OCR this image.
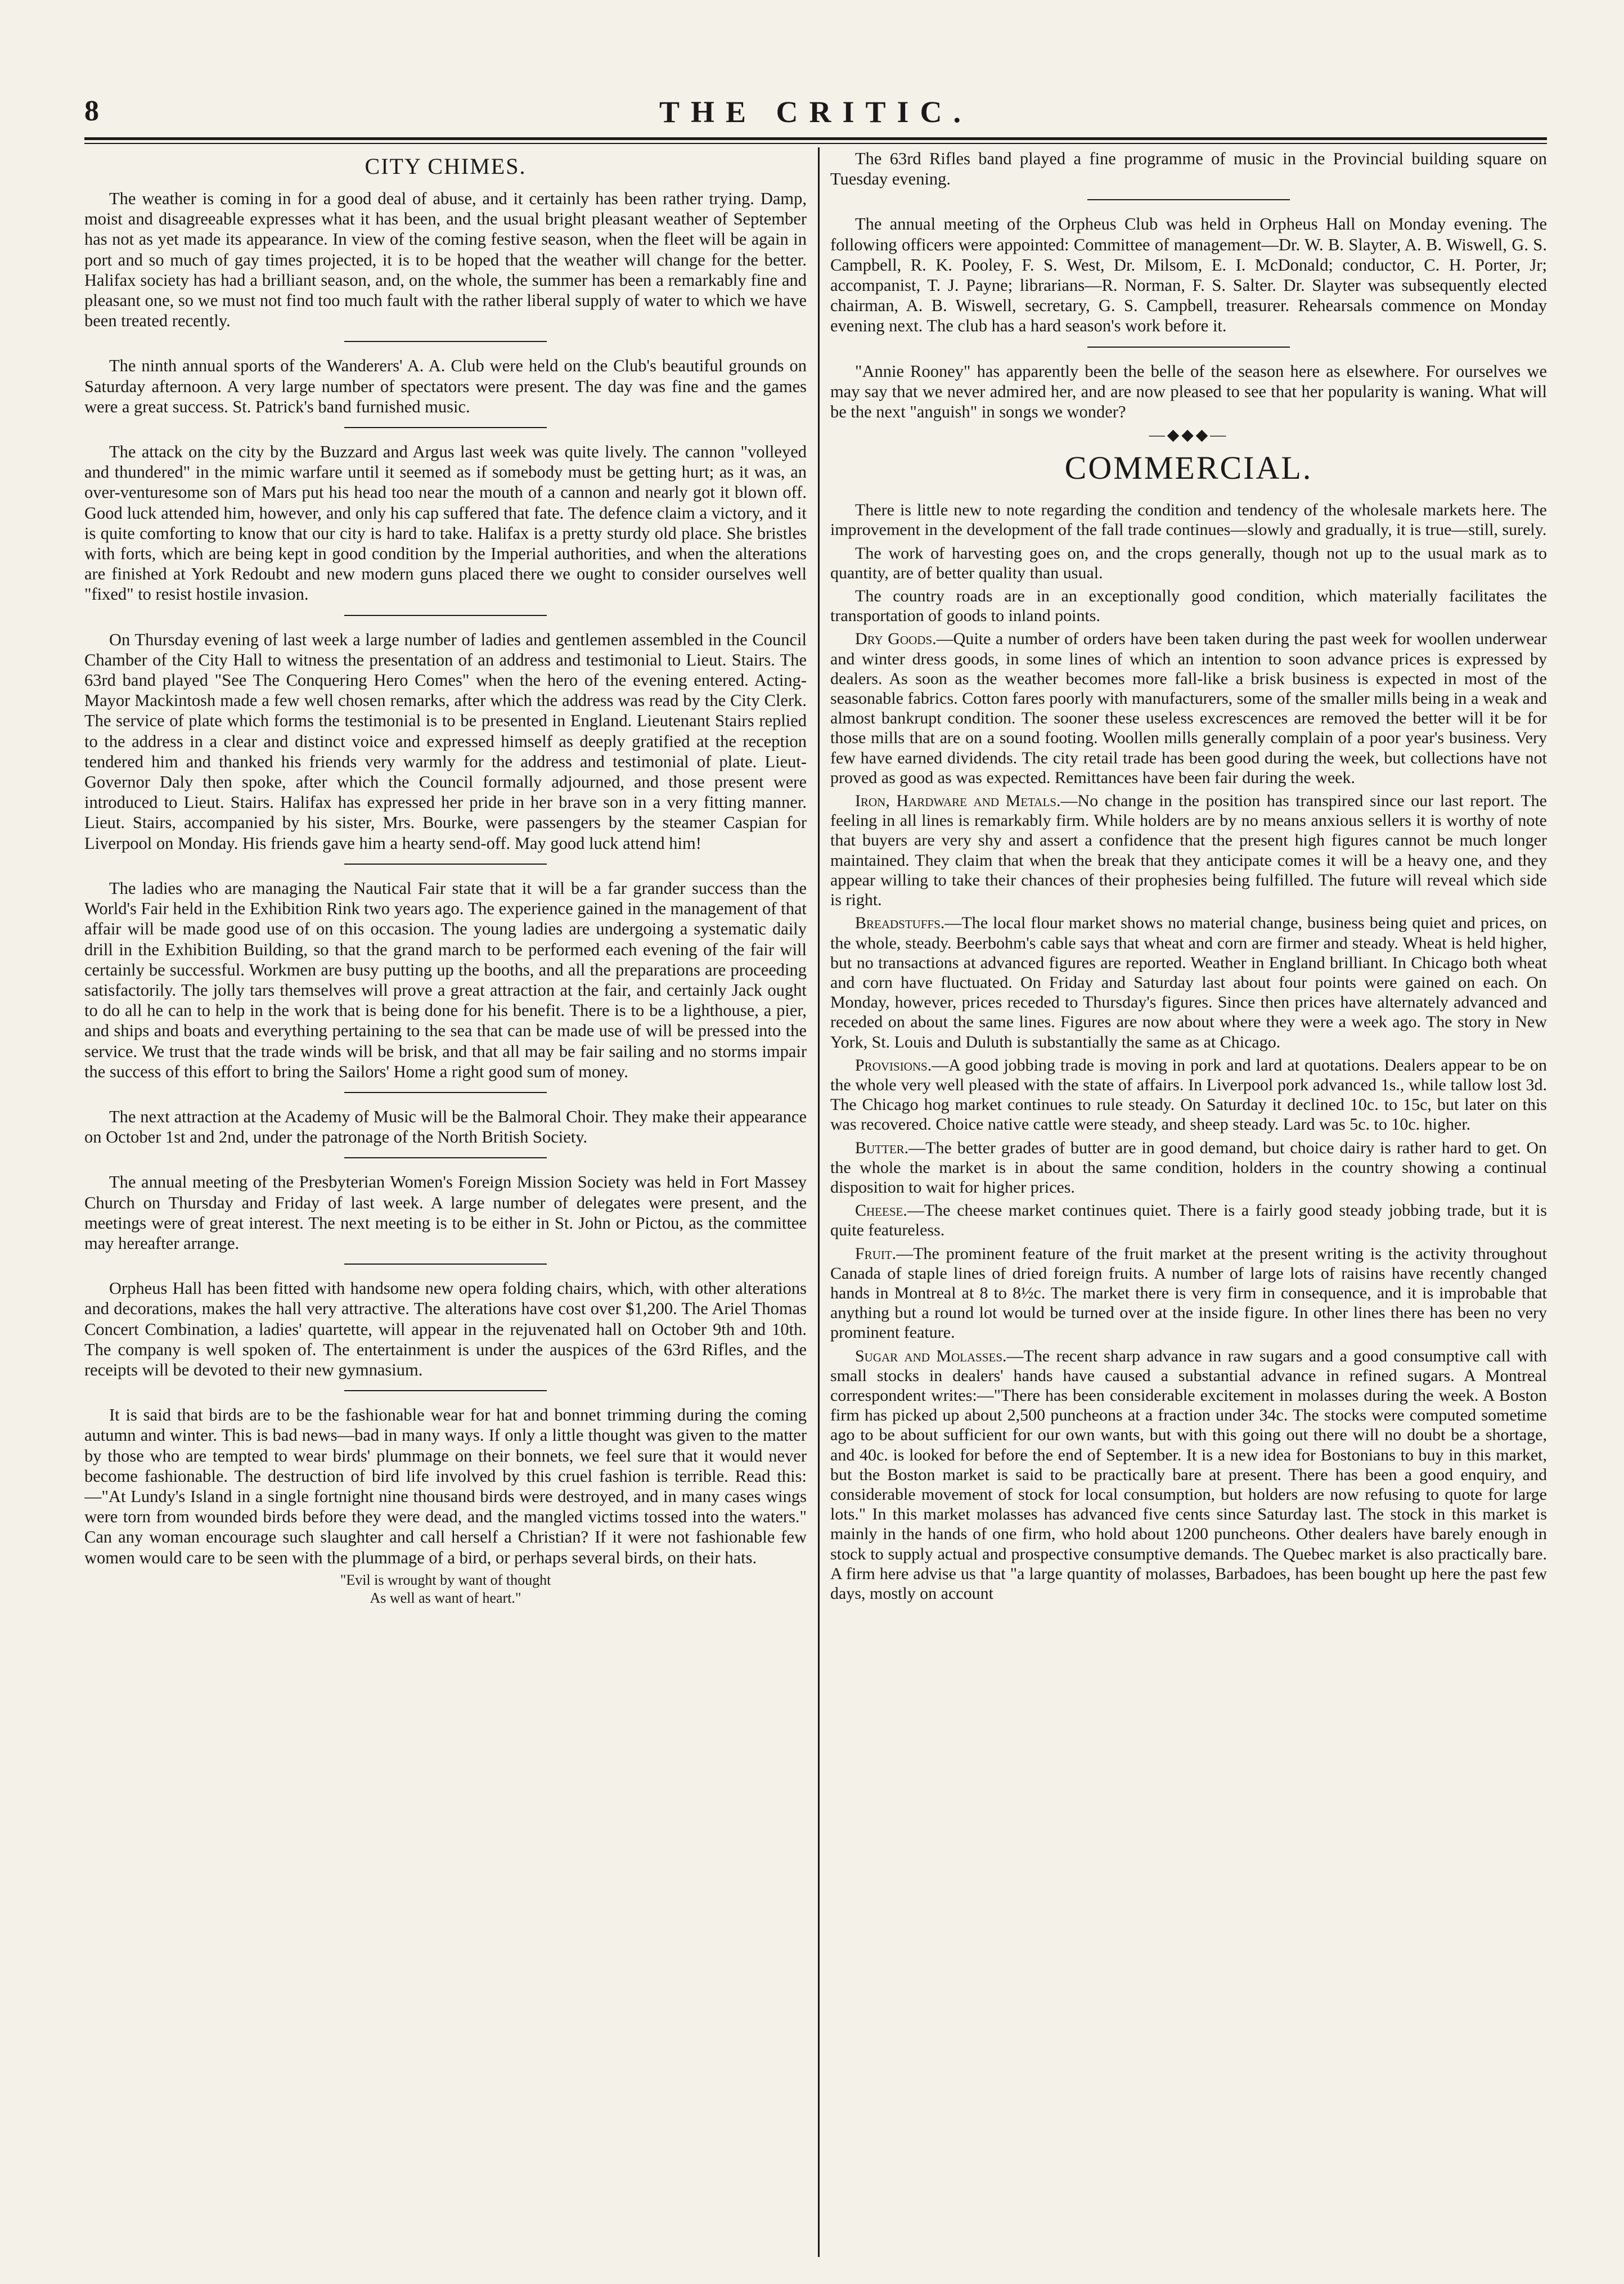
8	THE CRITIC.
CITY CHIMES.

The weather is coming in for a good deal of abuse, and it certainly has been rather trying. Damp, moist and disagreeable expresses what it has been, and the usual bright pleasant weather of September has not as yet made its appearance. In view of the coming festive season, when the fleet will be again in port and so much of gay times projected, it is to be hoped that the weather will change for the better. Halifax society has had a brilliant season, and, on the whole, the summer has been a remarkably fine and pleasant one, so we must not find too much fault with the rather liberal supply of water to which we have been treated recently.

The ninth annual sports of the Wanderers' A. A. Club were held on the Club's beautiful grounds on Saturday afternoon. A very large number of spectators were present. The day was fine and the games were a great success. St. Patrick's band furnished music.

The attack on the city by the Buzzard and Argus last week was quite lively. The cannon "volleyed and thundered" in the mimic warfare until it seemed as if somebody must be getting hurt; as it was, an over-venturesome son of Mars put his head too near the mouth of a cannon and nearly got it blown off. Good luck attended him, however, and only his cap suffered that fate. The defence claim a victory, and it is quite comforting to know that our city is hard to take. Halifax is a pretty sturdy old place. She bristles with forts, which are being kept in good condition by the Imperial authorities, and when the alterations are finished at York Redoubt and new modern guns placed there we ought to consider ourselves well "fixed" to resist hostile invasion.

On Thursday evening of last week a large number of ladies and gentlemen assembled in the Council Chamber of the City Hall to witness the presentation of an address and testimonial to Lieut. Stairs. The 63rd band played "See The Conquering Hero Comes" when the hero of the evening entered. Acting-Mayor Mackintosh made a few well chosen remarks, after which the address was read by the City Clerk. The service of plate which forms the testimonial is to be presented in England. Lieutenant Stairs replied to the address in a clear and distinct voice and expressed himself as deeply gratified at the reception tendered him and thanked his friends very warmly for the address and testimonial of plate. Lieut-Governor Daly then spoke, after which the Council formally adjourned, and those present were introduced to Lieut. Stairs. Halifax has expressed her pride in her brave son in a very fitting manner. Lieut. Stairs, accompanied by his sister, Mrs. Bourke, were passengers by the steamer Caspian for Liverpool on Monday. His friends gave him a hearty send-off. May good luck attend him!

The ladies who are managing the Nautical Fair state that it will be a far grander success than the World's Fair held in the Exhibition Rink two years ago. The experience gained in the management of that affair will be made good use of on this occasion. The young ladies are undergoing a systematic daily drill in the Exhibition Building, so that the grand march to be performed each evening of the fair will certainly be successful. Workmen are busy putting up the booths, and all the preparations are proceeding satisfactorily. The jolly tars themselves will prove a great attraction at the fair, and certainly Jack ought to do all he can to help in the work that is being done for his benefit. There is to be a lighthouse, a pier, and ships and boats and everything pertaining to the sea that can be made use of will be pressed into the service. We trust that the trade winds will be brisk, and that all may be fair sailing and no storms impair the success of this effort to bring the Sailors' Home a right good sum of money.

The next attraction at the Academy of Music will be the Balmoral Choir. They make their appearance on October 1st and 2nd, under the patronage of the North British Society.

The annual meeting of the Presbyterian Women's Foreign Mission Society was held in Fort Massey Church on Thursday and Friday of last week. A large number of delegates were present, and the meetings were of great interest. The next meeting is to be either in St. John or Pictou, as the committee may hereafter arrange.

Orpheus Hall has been fitted with handsome new opera folding chairs, which, with other alterations and decorations, makes the hall very attractive. The alterations have cost over $1,200. The Ariel Thomas Concert Combination, a ladies' quartette, will appear in the rejuvenated hall on October 9th and 10th. The company is well spoken of. The entertainment is under the auspices of the 63rd Rifles, and the receipts will be devoted to their new gymnasium.

It is said that birds are to be the fashionable wear for hat and bonnet trimming during the coming autumn and winter. This is bad news—bad in many ways. If only a little thought was given to the matter by those who are tempted to wear birds' plummage on their bonnets, we feel sure that it would never become fashionable. The destruction of bird life involved by this cruel fashion is terrible. Read this:—"At Lundy's Island in a single fortnight nine thousand birds were destroyed, and in many cases wings were torn from wounded birds before they were dead, and the mangled victims tossed into the waters." Can any woman encourage such slaughter and call herself a Christian? If it were not fashionable few women would care to be seen with the plummage of a bird, or perhaps several birds, on their hats.

"Evil is wrought by want of thought
As well as want of heart."

The 63rd Rifles band played a fine programme of music in the Provincial building square on Tuesday evening.

The annual meeting of the Orpheus Club was held in Orpheus Hall on Monday evening. The following officers were appointed: Committee of management—Dr. W. B. Slayter, A. B. Wiswell, G. S. Campbell, R. K. Pooley, F. S. West, Dr. Milsom, E. I. McDonald; conductor, C. H. Porter, Jr; accompanist, T. J. Payne; librarians—R. Norman, F. S. Salter. Dr. Slayter was subsequently elected chairman, A. B. Wiswell, secretary, G. S. Campbell, treasurer. Rehearsals commence on Monday evening next. The club has a hard season's work before it.

"Annie Rooney" has apparently been the belle of the season here as elsewhere. For ourselves we may say that we never admired her, and are now pleased to see that her popularity is waning. What will be the next "anguish" in songs we wonder?

—◆◆◆—
COMMERCIAL.

There is little new to note regarding the condition and tendency of the wholesale markets here. The improvement in the development of the fall trade continues—slowly and gradually, it is true—still, surely.

The work of harvesting goes on, and the crops generally, though not up to the usual mark as to quantity, are of better quality than usual.

The country roads are in an exceptionally good condition, which materially facilitates the transportation of goods to inland points.

Dry Goods.—Quite a number of orders have been taken during the past week for woollen underwear and winter dress goods, in some lines of which an intention to soon advance prices is expressed by dealers. As soon as the weather becomes more fall-like a brisk business is expected in most of the seasonable fabrics. Cotton fares poorly with manufacturers, some of the smaller mills being in a weak and almost bankrupt condition. The sooner these useless excrescences are removed the better will it be for those mills that are on a sound footing. Woollen mills generally complain of a poor year's business. Very few have earned dividends. The city retail trade has been good during the week, but collections have not proved as good as was expected. Remittances have been fair during the week.

Iron, Hardware and Metals.—No change in the position has transpired since our last report. The feeling in all lines is remarkably firm. While holders are by no means anxious sellers it is worthy of note that buyers are very shy and assert a confidence that the present high figures cannot be much longer maintained. They claim that when the break that they anticipate comes it will be a heavy one, and they appear willing to take their chances of their prophesies being fulfilled. The future will reveal which side is right.

Breadstuffs.—The local flour market shows no material change, business being quiet and prices, on the whole, steady. Beerbohm's cable says that wheat and corn are firmer and steady. Wheat is held higher, but no transactions at advanced figures are reported. Weather in England brilliant. In Chicago both wheat and corn have fluctuated. On Friday and Saturday last about four points were gained on each. On Monday, however, prices receded to Thursday's figures. Since then prices have alternately advanced and receded on about the same lines. Figures are now about where they were a week ago. The story in New York, St. Louis and Duluth is substantially the same as at Chicago.

Provisions.—A good jobbing trade is moving in pork and lard at quotations. Dealers appear to be on the whole very well pleased with the state of affairs. In Liverpool pork advanced 1s., while tallow lost 3d. The Chicago hog market continues to rule steady. On Saturday it declined 10c. to 15c, but later on this was recovered. Choice native cattle were steady, and sheep steady. Lard was 5c. to 10c. higher.

Butter.—The better grades of butter are in good demand, but choice dairy is rather hard to get. On the whole the market is in about the same condition, holders in the country showing a continual disposition to wait for higher prices.

Cheese.—The cheese market continues quiet. There is a fairly good steady jobbing trade, but it is quite featureless.

Fruit.—The prominent feature of the fruit market at the present writing is the activity throughout Canada of staple lines of dried foreign fruits. A number of large lots of raisins have recently changed hands in Montreal at 8 to 8½c. The market there is very firm in consequence, and it is improbable that anything but a round lot would be turned over at the inside figure. In other lines there has been no very prominent feature.

Sugar and Molasses.—The recent sharp advance in raw sugars and a good consumptive call with small stocks in dealers' hands have caused a substantial advance in refined sugars. A Montreal correspondent writes:—"There has been considerable excitement in molasses during the week. A Boston firm has picked up about 2,500 puncheons at a fraction under 34c. The stocks were computed sometime ago to be about sufficient for our own wants, but with this going out there will no doubt be a shortage, and 40c. is looked for before the end of September. It is a new idea for Bostonians to buy in this market, but the Boston market is said to be practically bare at present. There has been a good enquiry, and considerable movement of stock for local consumption, but holders are now refusing to quote for large lots." In this market molasses has advanced five cents since Saturday last. The stock in this market is mainly in the hands of one firm, who hold about 1200 puncheons. Other dealers have barely enough in stock to supply actual and prospective consumptive demands. The Quebec market is also practically bare. A firm here advise us that "a large quantity of molasses, Barbadoes, has been bought up here the past few days, mostly on account
